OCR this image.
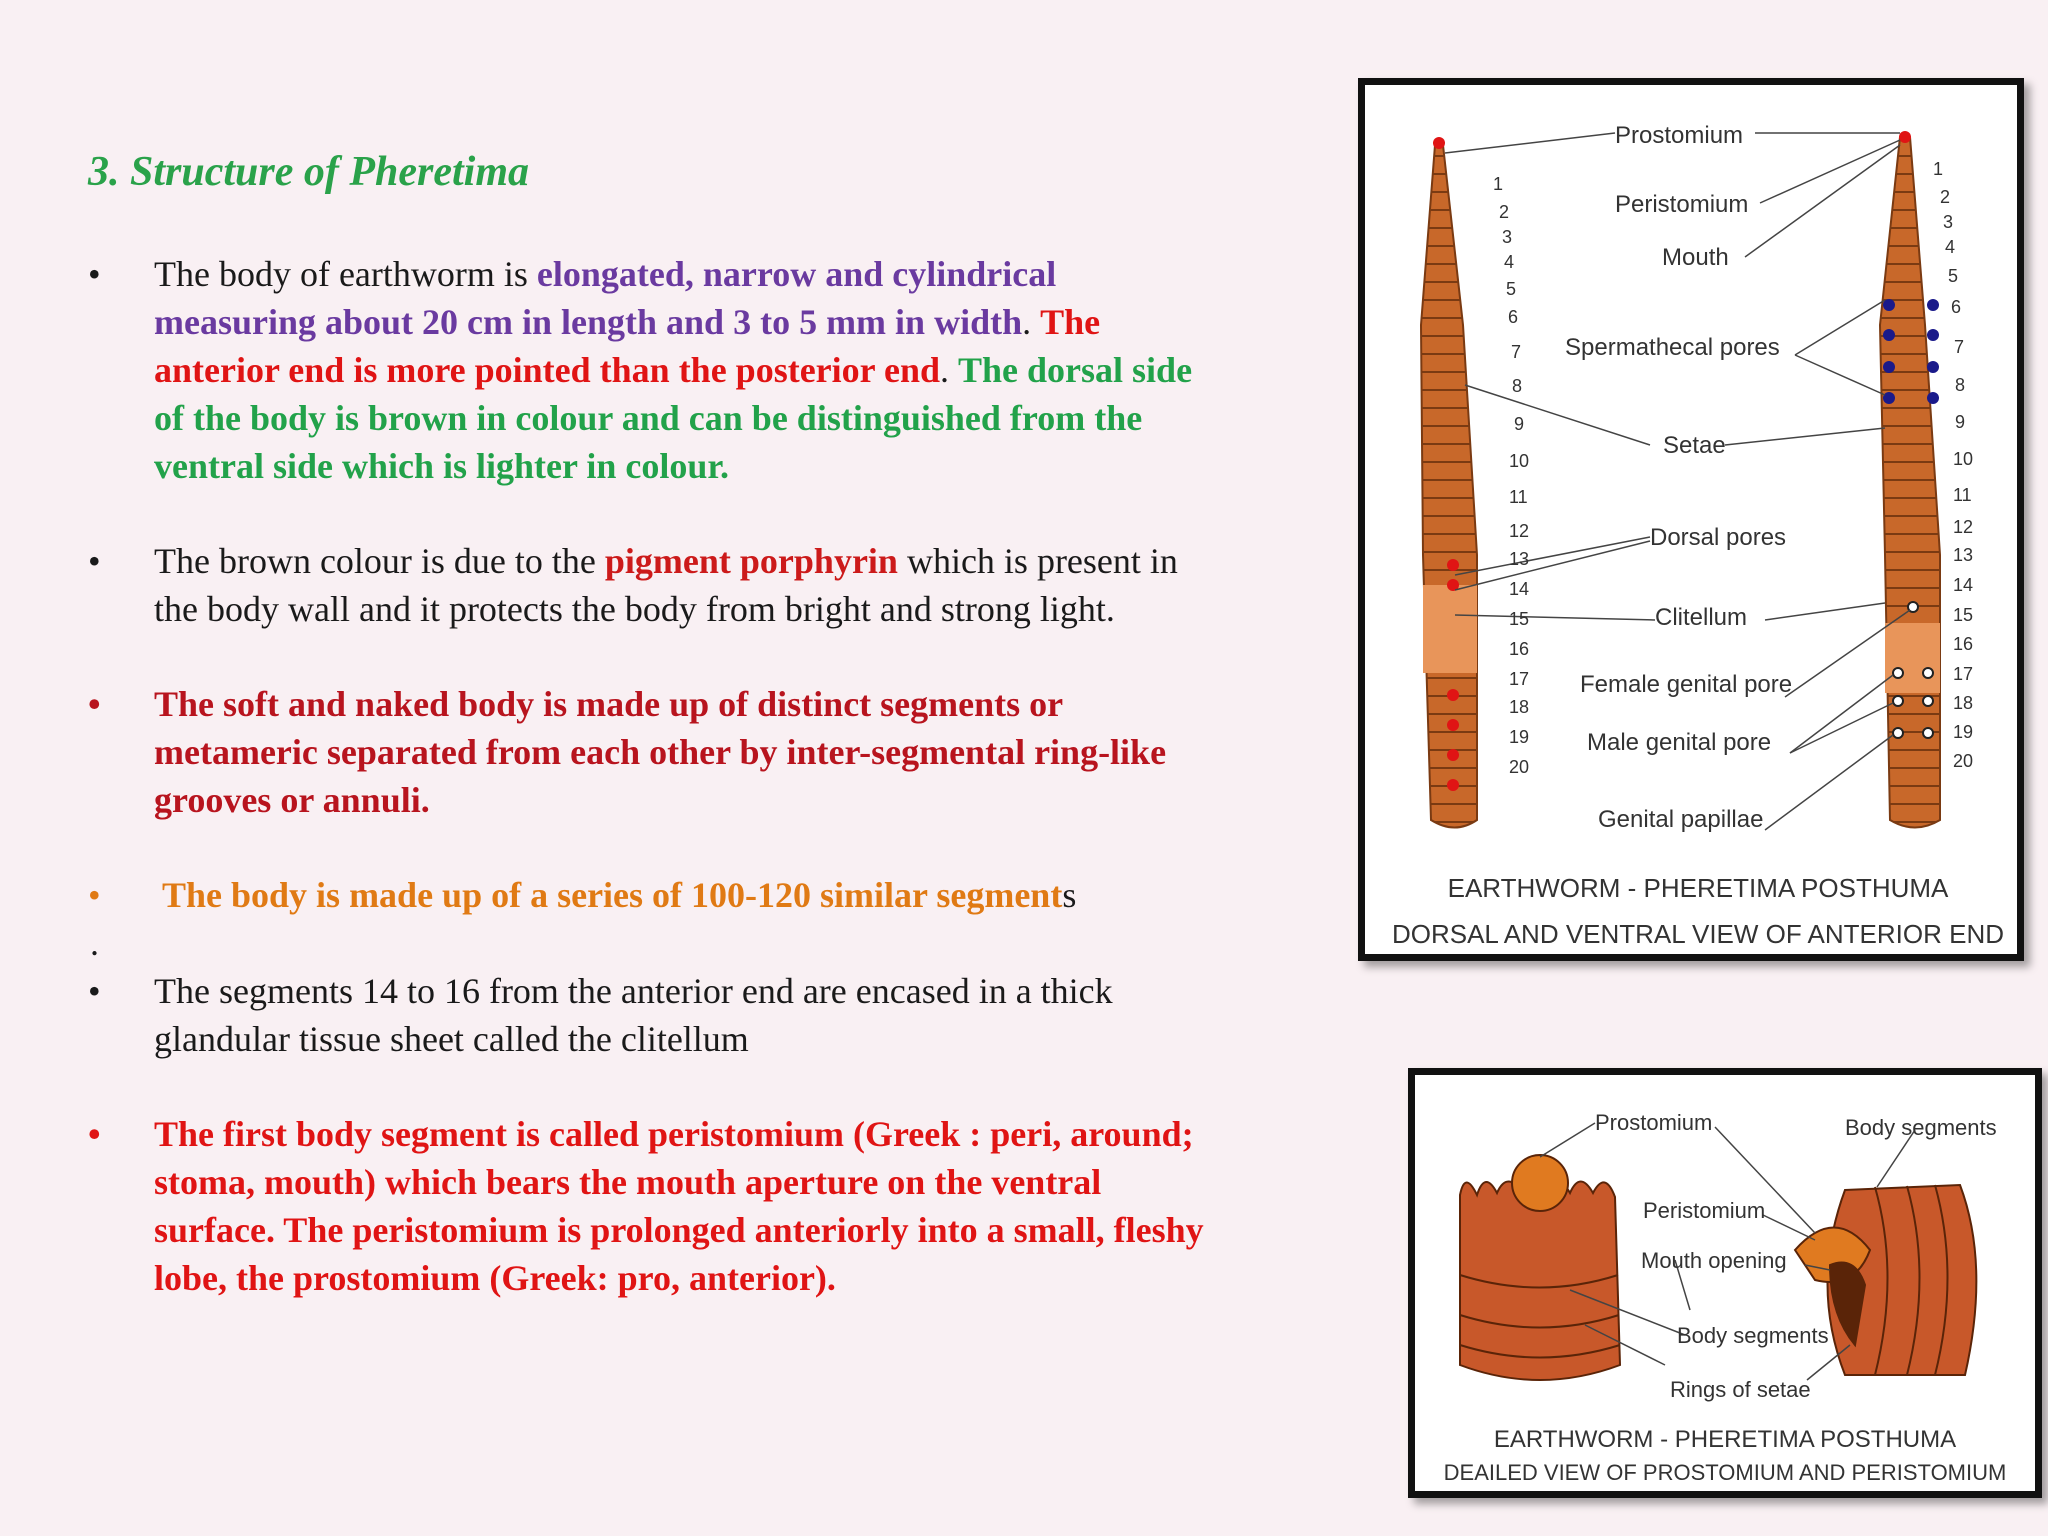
3. Structure of Pheretima

• The body of earthworm is elongated, narrow and cylindrical measuring about 20 cm in length and 3 to 5 mm in width. The anterior end is more pointed than the posterior end. The dorsal side of the body is brown in colour and can be distinguished from the ventral side which is lighter in colour.

• The brown colour is due to the pigment porphyrin which is present in the body wall and it protects the body from bright and strong light.

• The soft and naked body is made up of distinct segments or metameric separated from each other by inter-segmental ring-like grooves or annuli.

• The body is made up of a series of 100-120 similar segments

.

• The segments 14 to 16 from the anterior end are encased in a thick glandular tissue sheet called the clitellum

• The first body segment is called peristomium (Greek : peri, around; stoma, mouth) which bears the mouth aperture on the ventral surface. The peristomium is prolonged anteriorly into a small, fleshy lobe, the prostomium (Greek: pro, anterior).

Prostomium
Peristomium
Mouth
Spermathecal pores
Setae
Dorsal pores
Clitellum
Female genital pore
Male genital pore
Genital papillae
1
2
3
4
5
6
7
8
9
10
11
12
13
14
15
16
17
18
19
20
1
2
3
4
5
6
7
8
9
10
11
12
13
14
15
16
17
18
19
20
EARTHWORM - PHERETIMA POSTHUMA
DORSAL AND VENTRAL VIEW OF ANTERIOR END
Prostomium	Body segments
Peristomium
Mouth opening
Body segments
Rings of setae
EARTHWORM - PHERETIMA POSTHUMA
DEAILED VIEW OF PROSTOMIUM AND PERISTOMIUM
